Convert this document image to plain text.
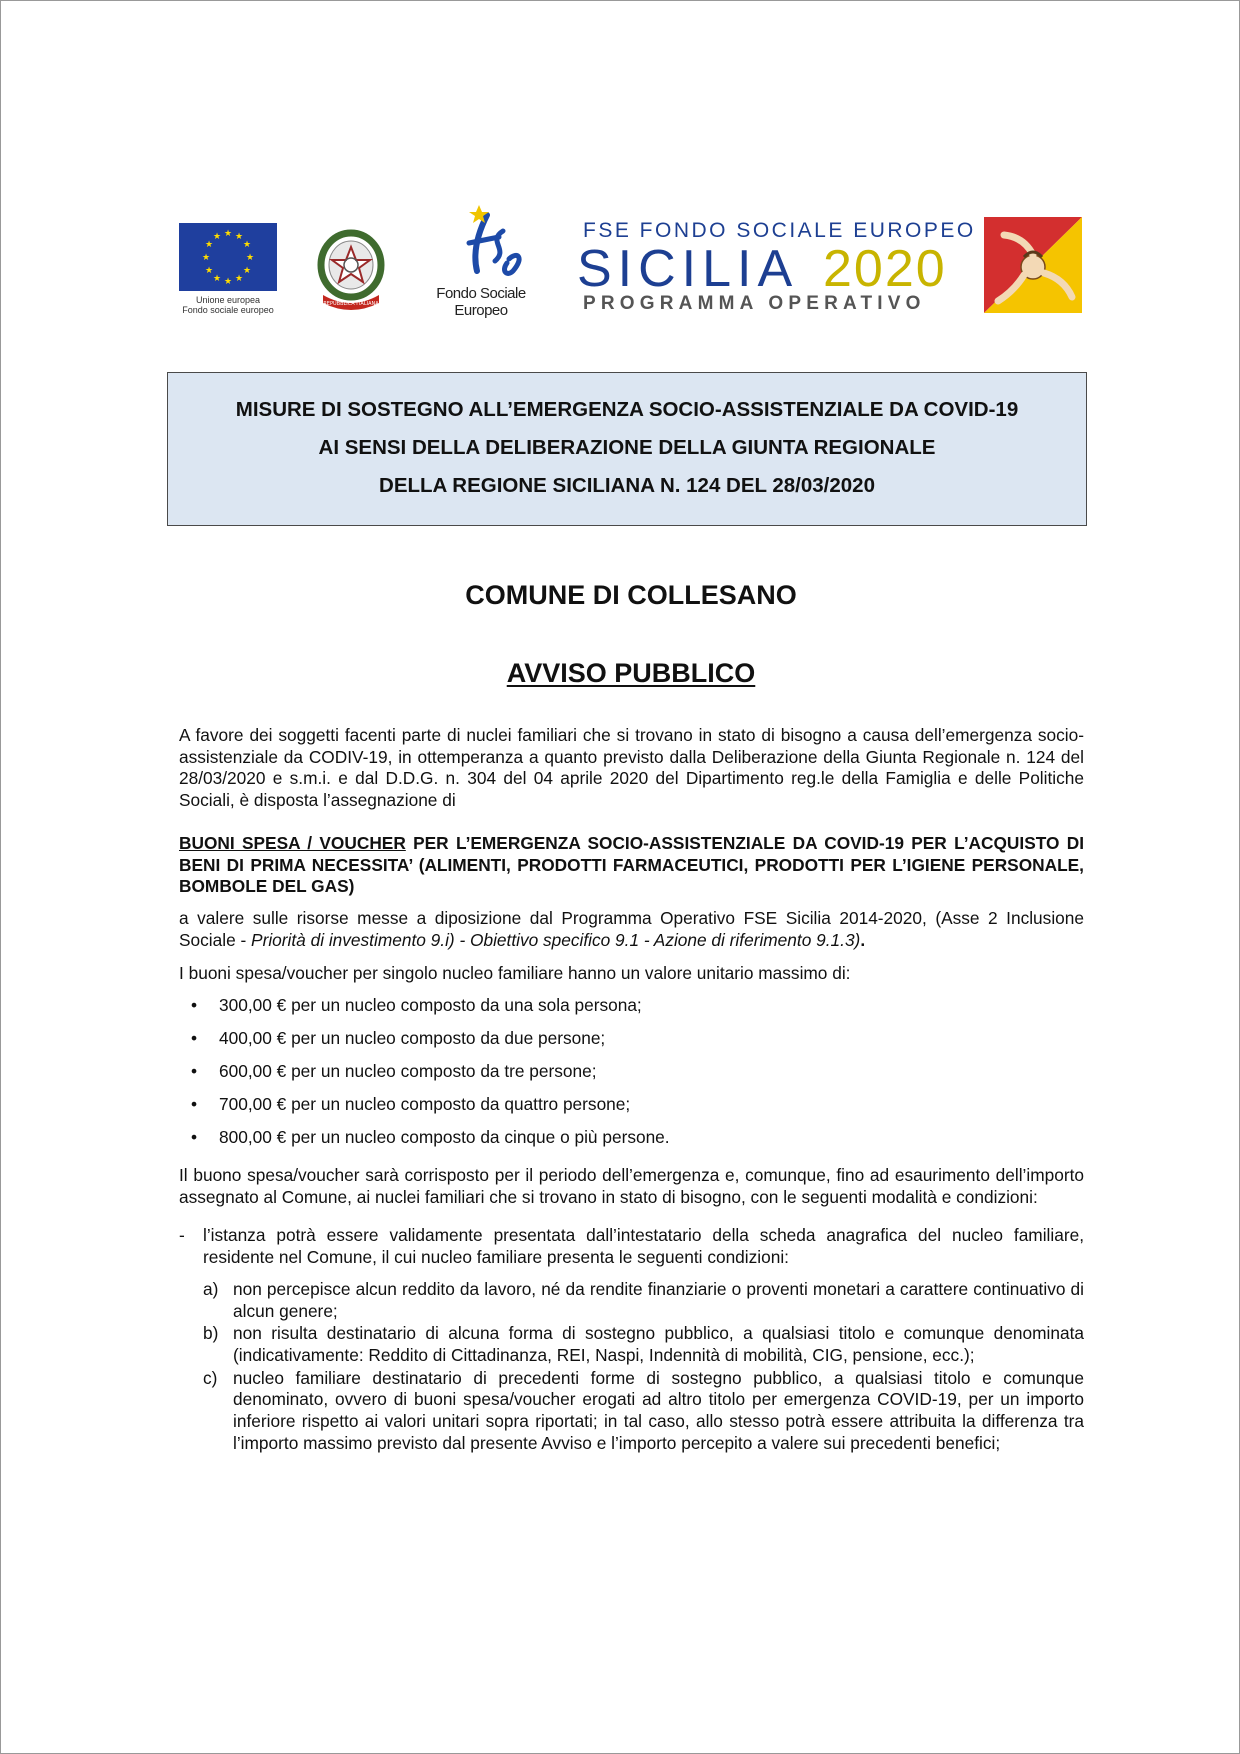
★ ★
★
★
★
★
★
★
★
★
★
★
Unione europea
Fondo sociale europeo
REPUBBLICA ITALIANA
Fondo Sociale Europeo
FSE FONDO SOCIALE EUROPEO
SICILIA 2020
PROGRAMMA OPERATIVO

MISURE DI SOSTEGNO ALL’EMERGENZA SOCIO-ASSISTENZIALE DA COVID-19

AI SENSI DELLA DELIBERAZIONE DELLA GIUNTA REGIONALE

DELLA REGIONE SICILIANA N. 124 DEL 28/03/2020

COMUNE DI COLLESANO
AVVISO PUBBLICO

A favore dei soggetti facenti parte di nuclei familiari che si trovano in stato di bisogno a causa dell’emergenza socio-assistenziale da CODIV-19, in ottemperanza a quanto previsto dalla Deliberazione della Giunta Regionale n. 124 del 28/03/2020 e s.m.i. e dal D.D.G. n. 304 del 04 aprile 2020 del Dipartimento reg.le della Famiglia e delle Politiche Sociali, è disposta l’assegnazione di

BUONI SPESA / VOUCHER PER L’EMERGENZA SOCIO-ASSISTENZIALE DA COVID-19 PER L’ACQUISTO DI BENI DI PRIMA NECESSITA’ (ALIMENTI, PRODOTTI FARMACEUTICI, PRODOTTI PER L’IGIENE PERSONALE, BOMBOLE DEL GAS)

a valere sulle risorse messe a diposizione dal Programma Operativo FSE Sicilia 2014-2020, (Asse 2 Inclusione Sociale - Priorità di investimento 9.i) - Obiettivo specifico 9.1 - Azione di riferimento 9.1.3).

I buoni spesa/voucher per singolo nucleo familiare hanno un valore unitario massimo di:

• 300,00 € per un nucleo composto da una sola persona;
• 400,00 € per un nucleo composto da due persone;
• 600,00 € per un nucleo composto da tre persone;
• 700,00 € per un nucleo composto da quattro persone;
• 800,00 € per un nucleo composto da cinque o più persone.

Il buono spesa/voucher sarà corrisposto per il periodo dell’emergenza e, comunque, fino ad esaurimento dell’importo assegnato al Comune, ai nuclei familiari che si trovano in stato di bisogno, con le seguenti modalità e condizioni:

- l’istanza potrà essere validamente presentata dall’intestatario della scheda anagrafica del nucleo familiare, residente nel Comune, il cui nucleo familiare presenta le seguenti condizioni:

a) non percepisce alcun reddito da lavoro, né da rendite finanziarie o proventi monetari a carattere continuativo di alcun genere;
b) non risulta destinatario di alcuna forma di sostegno pubblico, a qualsiasi titolo e comunque denominata (indicativamente: Reddito di Cittadinanza, REI, Naspi, Indennità di mobilità, CIG, pensione, ecc.);
c) nucleo familiare destinatario di precedenti forme di sostegno pubblico, a qualsiasi titolo e comunque denominato, ovvero di buoni spesa/voucher erogati ad altro titolo per emergenza COVID-19, per un importo inferiore rispetto ai valori unitari sopra riportati; in tal caso, allo stesso potrà essere attribuita la differenza tra l’importo massimo previsto dal presente Avviso e l’importo percepito a valere sui precedenti benefici;
